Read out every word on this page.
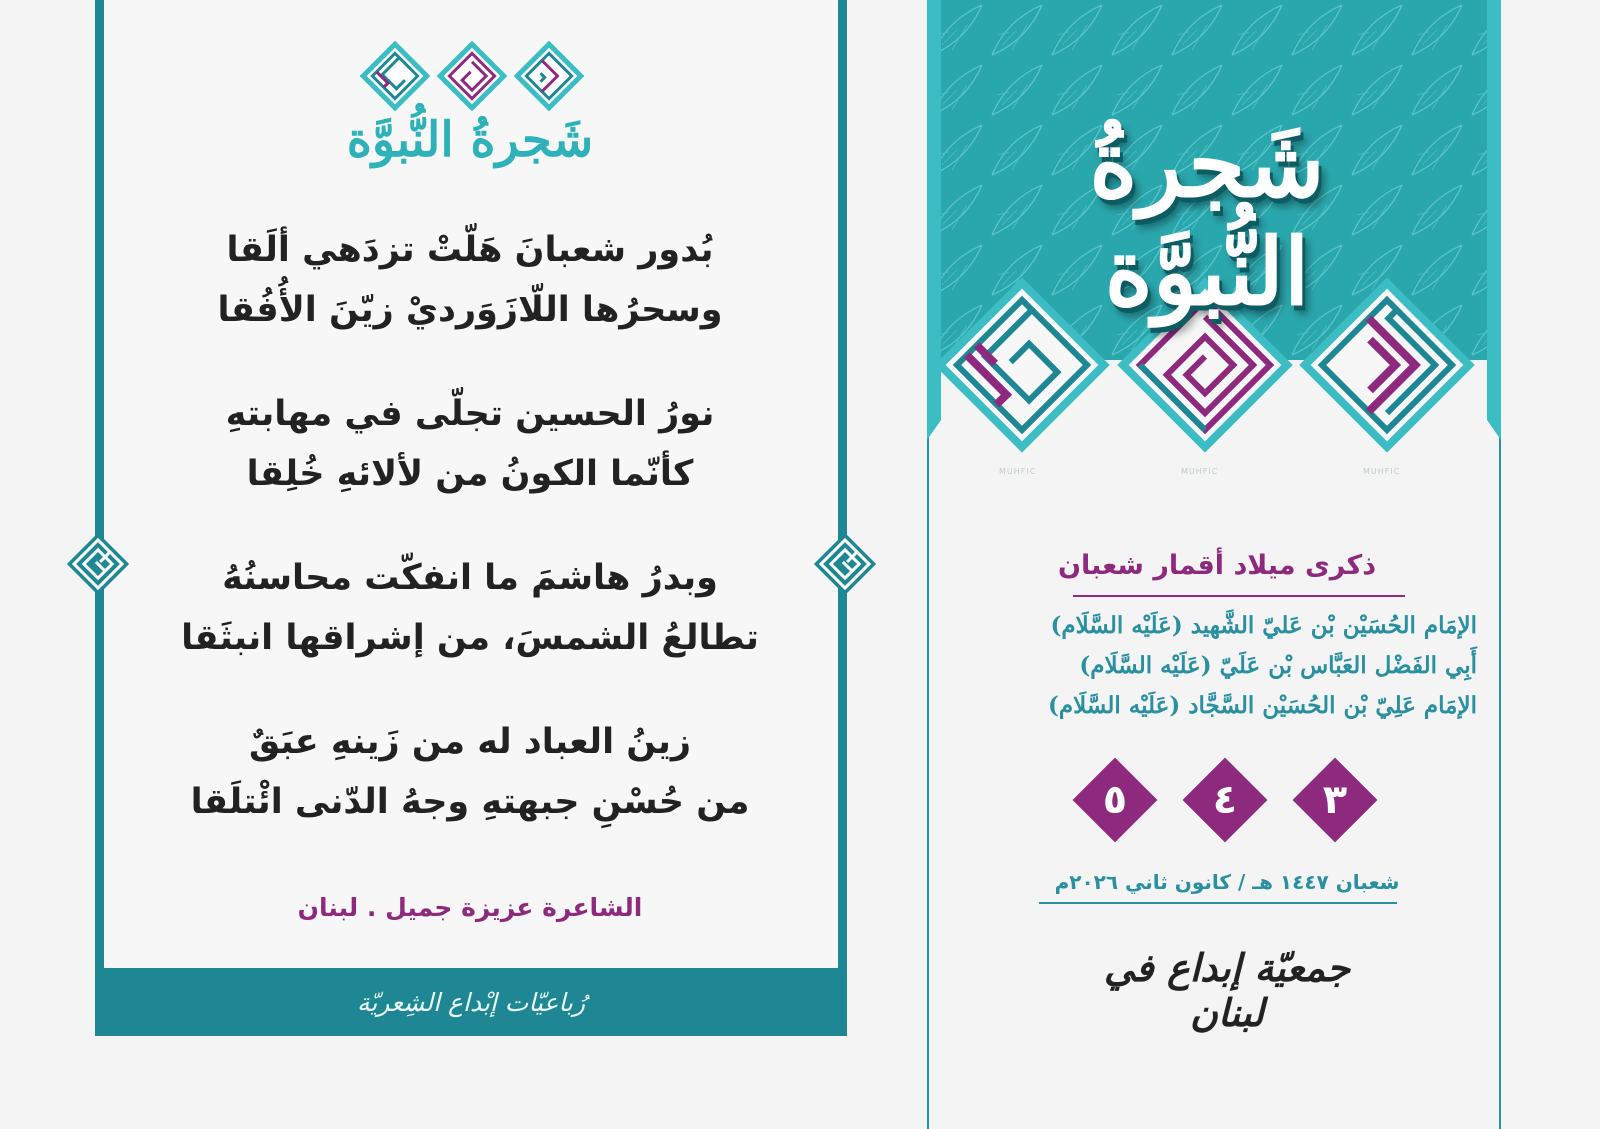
رُباعيّات إبْداع الشِعريّة
شَجرةُ النُّبوَّة
بُدور شعبانَ هَلّتْ تزدَهي ألَقا
وسحرُها اللّازَوَرديْ زيّنَ الأُفُقا
نورُ الحسين تجلّى في مهابتهِ
كأنّما الكونُ من لألائهِ خُلِقا
وبدرُ هاشمَ ما انفكّت محاسنُهُ
تطالعُ الشمسَ، من إشراقها انبثَقا
زينُ العباد له من زَينهِ عبَقٌ
من حُسْنِ جبهتهِ وجهُ الدّنى ائْتلَقا
الشاعرة عزيزة جميل . لبنان
شَجرةُ النُّبوَّة
MUHFIC	MUHFIC	MUHFIC
ذكرى ميلاد أقمار شعبان
الإمَام الحُسَيْن بْن عَليّ الشَّهيد (عَلَيْه السَّلَام)
أَبِي الفَضْل العَبَّاس بْن عَلَيّ (عَلَيْه السَّلَام)
الإمَام عَلِيّ بْن الحُسَيْن السَّجَّاد (عَلَيْه السَّلَام)
٥	٤	٣
شعبان ١٤٤٧ هـ / كانون ثاني ٢٠٢٦م
جمعيّة إبداع في لبنان
